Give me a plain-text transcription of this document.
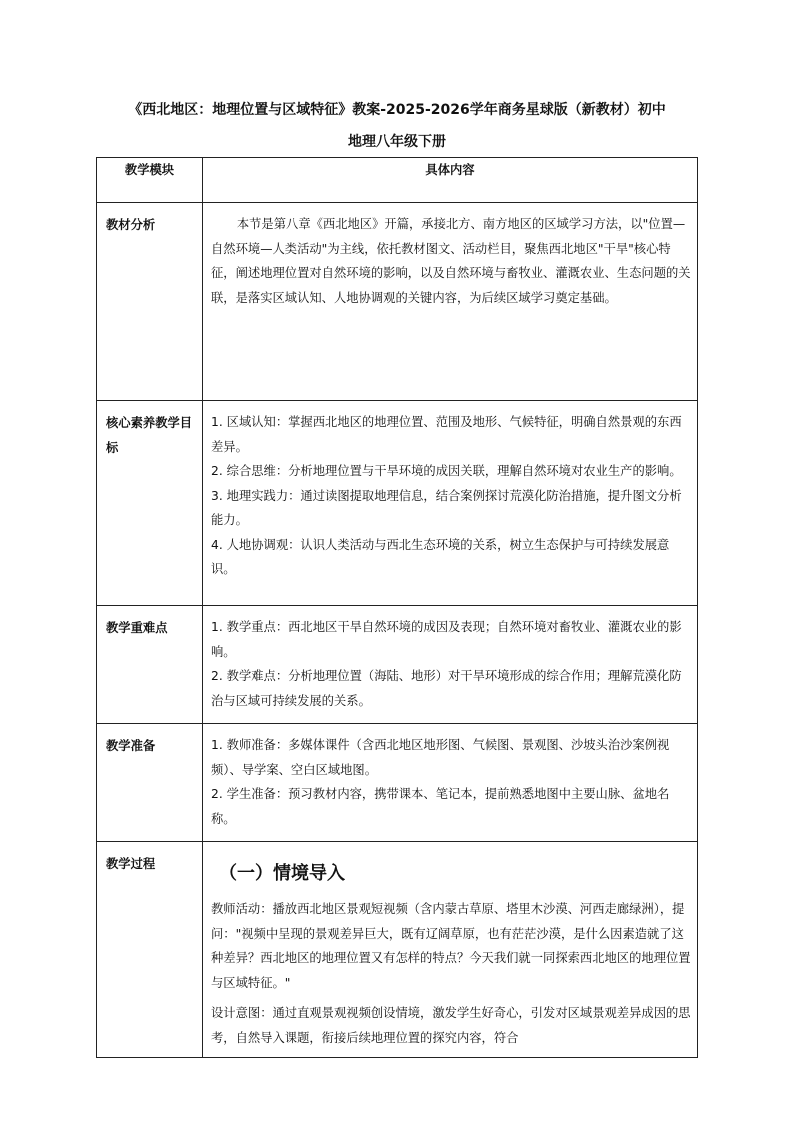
《西北地区：地理位置与区域特征》教案-2025-2026学年商务星球版（新教材）初中
地理八年级下册
教学模块	具体内容
教材分析	本节是第八章《西北地区》开篇，承接北方、南方地区的区域学习方法，以"位置—自然环境—人类活动"为主线，依托教材图文、活动栏目，聚焦西北地区"干旱"核心特征，阐述地理位置对自然环境的影响，以及自然环境与畜牧业、灌溉农业、生态问题的关联，是落实区域认知、人地协调观的关键内容，为后续区域学习奠定基础。

核心素养教学目标	1. 区域认知：掌握西北地区的地理位置、范围及地形、气候特征，明确自然景观的东西差异。
2. 综合思维：分析地理位置与干旱环境的成因关联，理解自然环境对农业生产的影响。
3. 地理实践力：通过读图提取地理信息，结合案例探讨荒漠化防治措施，提升图文分析能力。
4. 人地协调观：认识人类活动与西北生态环境的关系，树立生态保护与可持续发展意识。

教学重难点	1. 教学重点：西北地区干旱自然环境的成因及表现；自然环境对畜牧业、灌溉农业的影响。
2. 教学难点：分析地理位置（海陆、地形）对干旱环境形成的综合作用；理解荒漠化防治与区域可持续发展的关系。

教学准备	1. 教师准备：多媒体课件（含西北地区地形图、气候图、景观图、沙坡头治沙案例视频）、导学案、空白区域地图。
2. 学生准备：预习教材内容，携带课本、笔记本，提前熟悉地图中主要山脉、盆地名称。

教学过程	（一）情境导入
教师活动：播放西北地区景观短视频（含内蒙古草原、塔里木沙漠、河西走廊绿洲），提问："视频中呈现的景观差异巨大，既有辽阔草原，也有茫茫沙漠，是什么因素造就了这种差异？西北地区的地理位置又有怎样的特点？今天我们就一同探索西北地区的地理位置与区域特征。"
设计意图：通过直观景观视频创设情境，激发学生好奇心，引发对区域景观差异成因的思考，自然导入课题，衔接后续地理位置的探究内容，符合
